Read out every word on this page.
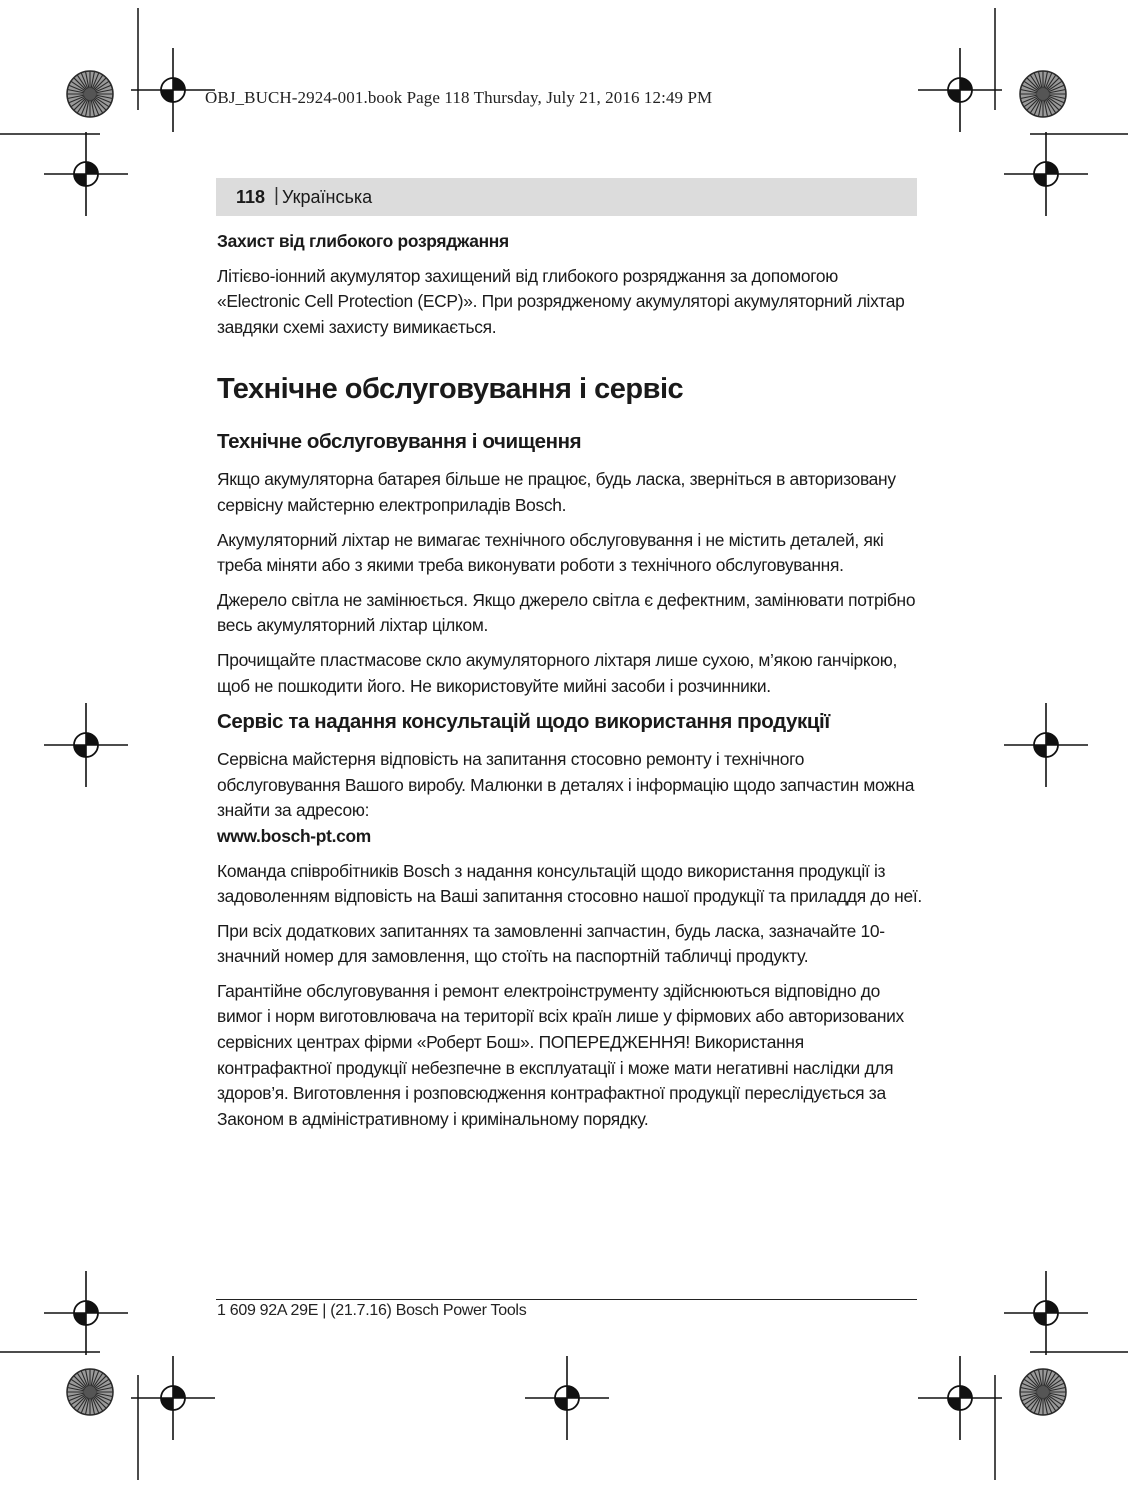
OBJ_BUCH-2924-001.book Page 118 Thursday, July 21, 2016 12:49 PM
118 | Українська

Захист від глибокого розряджання

Літієво-іонний акумулятор захищений від глибокого розряджання за допомогою «Electronic Cell Protection (ECP)». При розрядженому акумуляторі акумуляторний ліхтар завдяки схемі захисту вимикається.

Технічне обслуговування і сервіс
Технічне обслуговування і очищення

Якщо акумуляторна батарея більше не працює, будь ласка, зверніться в авторизовану сервісну майстерню електроприладів Bosch.

Акумуляторний ліхтар не вимагає технічного обслуговування і не містить деталей, які треба міняти або з якими треба виконувати роботи з технічного обслуговування.

Джерело світла не замінюється. Якщо джерело світла є дефектним, замінювати потрібно весь акумуляторний ліхтар цілком.

Прочищайте пластмасове скло акумуляторного ліхтаря лише сухою, м’якою ганчіркою, щоб не пошкодити його. Не використовуйте мийні засоби і розчинники.

Сервіс та надання консультацій щодо використання продукції

Сервісна майстерня відповість на запитання стосовно ремонту і технічного обслуговування Вашого виробу. Малюнки в деталях і інформацію щодо запчастин можна знайти за адресою:

www.bosch-pt.com

Команда співробітників Bosch з надання консультацій щодо використання продукції із задоволенням відповість на Ваші запитання стосовно нашої продукції та приладдя до неї.

При всіх додаткових запитаннях та замовленні запчастин, будь ласка, зазначайте 10-значний номер для замовлення, що стоїть на паспортній табличці продукту.

Гарантійне обслуговування і ремонт електроінструменту здійснюються відповідно до вимог і норм виготовлювача на території всіх країн лише у фірмових або авторизованих сервісних центрах фірми «Роберт Бош». ПОПЕРЕДЖЕННЯ! Використання контрафактної продукції небезпечне в експлуатації і може мати негативні наслідки для здоров’я. Виготовлення і розповсюдження контрафактної продукції переслідується за Законом в адміністративному і кримінальному порядку.

1 609 92A 29E | (21.7.16) Bosch Power Tools
